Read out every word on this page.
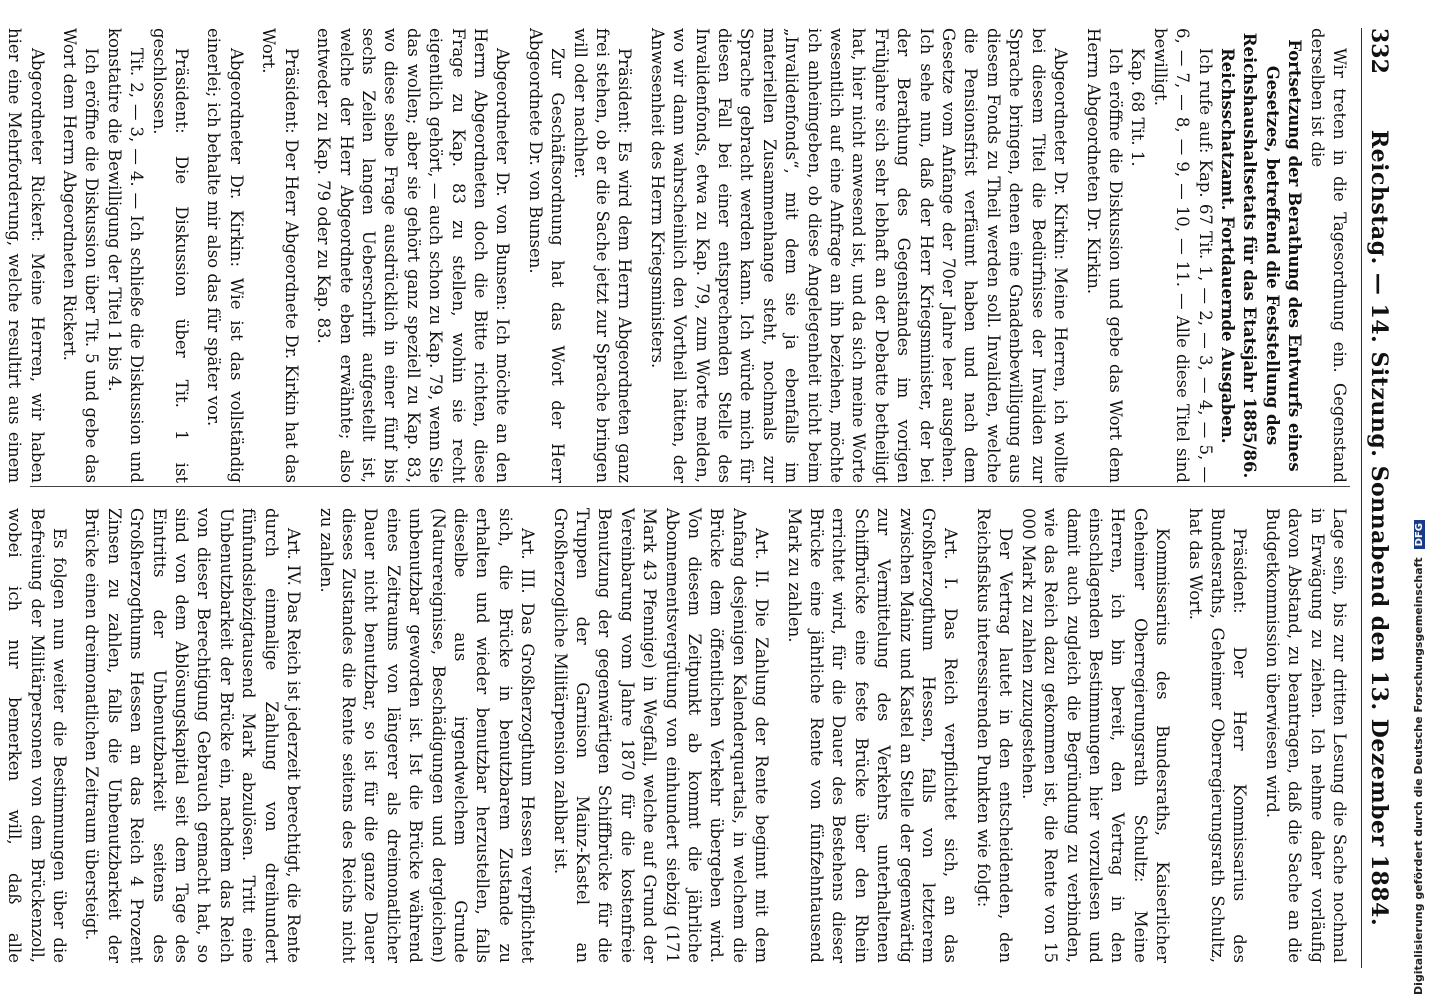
332
Reichstag. — 14. Sitzung. Sonnabend den 13. Dezember 1884.

Wir treten in die Tagesordnung ein. Gegenstand derselben ist die

Fortsetzung der Berathung des Entwurfs eines Gesetzes, betreffend die Feststellung des Reichshaushaltsetats für das Etatsjahr 1885/86.

Reichsschatzamt. Fortdauernde Ausgaben.

Ich rufe auf: Kap. 67 Tit. 1, — 2, — 3, — 4, — 5, — 6, — 7, — 8, — 9, — 10, — 11. — Alle diese Titel sind bewilligt.

Kap. 68 Tit. 1.

Ich eröffne die Diskussion und gebe das Wort dem Herrn Abgeordneten Dr. Kirkin.

Abgeordneter Dr. Kirkin: Meine Herren, ich wollte bei diesem Titel die Bedürfnisse der Invaliden zur Sprache bringen, denen eine Gnadenbewilligung aus diesem Fonds zu Theil werden soll. Invaliden, welche die Pensionsfrist verfäumt haben und nach dem Gesetze vom Anfange der 70er Jahre leer ausgehen. Ich sehe nun, daß der Herr Kriegsminister, der bei der Berathung des Gegenstandes im vorigen Frühjahre sich sehr lebhaft an der Debatte betheiligt hat, hier nicht anwesend ist, und da sich meine Worte wesentlich auf eine Anfrage an ihn beziehen, möchte ich anheimgeben, ob diese Angelegenheit nicht beim „Invalidenfonds“, mit dem sie ja ebenfalls im materiellen Zusammenhange steht, nochmals zur Sprache gebracht werden kann. Ich würde mich für diesen Fall bei einer entsprechenden Stelle des Invalidenfonds, etwa zu Kap. 79, zum Worte melden, wo wir dann wahrscheinlich den Vortheil hätten, der Anwesenheit des Herrn Kriegsministers.

Präsident: Es wird dem Herrn Abgeordneten ganz frei stehen, ob er die Sache jetzt zur Sprache bringen will oder nachher.

Zur Geschäftsordnung hat das Wort der Herr Abgeordnete Dr. von Bunsen.

Abgeordneter Dr. von Bunsen: Ich möchte an den Herrn Abgeordneten doch die Bitte richten, diese Frage zu Kap. 83 zu stellen, wohin sie recht eigentlich gehört, — auch schon zu Kap. 79, wenn Sie das wollen; aber sie gehört ganz speziell zu Kap. 83, wo diese selbe Frage ausdrücklich in einer fünf bis sechs Zeilen langen Ueberschrift aufgestellt ist, welche der Herr Abgeordnete eben erwähnte; also entweder zu Kap. 79 oder zu Kap. 83.

Präsident: Der Herr Abgeordnete Dr. Kirkin hat das Wort.

Abgeordneter Dr. Kirkin: Wie ist das vollständig einerlei; ich behalte mir also das für später vor.

Präsident: Die Diskussion über Tit. 1 ist geschlossen.

Tit. 2, — 3, — 4. — Ich schließe die Diskussion und konstatire die Bewilligung der Titel 1 bis 4.

Ich eröffne die Diskussion über Tit. 5 und gebe das Wort dem Herrn Abgeordneten Rickert.

Abgeordneter Rickert: Meine Herren, wir haben hier eine Mehrforderung, welche resultirt aus einem

Lage sein, bis zur dritten Lesung die Sache nochmal in Erwägung zu ziehen. Ich nehme daher vorläufig davon Abstand, zu beantragen, daß die Sache an die Budgetkommission überwiesen wird.

Präsident: Der Herr Kommissarius des Bundesraths, Geheimer Oberregierungsrath Schultz, hat das Wort.

Kommissarius des Bundesraths, Kaiserlicher Geheimer Oberregierungsrath Schultz: Meine Herren, ich bin bereit, den Vertrag in den einschlagenden Bestimmungen hier vorzulesen und damit auch zugleich die Begründung zu verbinden, wie das Reich dazu gekommen ist, die Rente von 15 000 Mark zu zahlen zuzugestehen.

Der Vertrag lautet in den entscheidenden, den Reichsfiskus interessirenden Punkten wie folgt:

Art. I. Das Reich verpflichtet sich, an das Großherzogthum Hessen, falls von letzterem zwischen Mainz und Kastel an Stelle der gegenwärtig zur Vermittelung des Verkehrs unterhaltenen Schiffbrücke eine feste Brücke über den Rhein errichtet wird, für die Dauer des Bestehens dieser Brücke eine jährliche Rente von fünfzehntausend Mark zu zahlen.

Art. II. Die Zahlung der Rente beginnt mit dem Anfang desjenigen Kalenderquartals, in welchem die Brücke dem öffentlichen Verkehr übergeben wird. Von diesem Zeitpunkt ab kommt die jährliche Abonnementsvergütung von einhundert siebzig (171 Mark 43 Pfennige) in Wegfall, welche auf Grund der Vereinbarung vom Jahre 1870 für die kostenfreie Benutzung der gegenwärtigen Schiffbrücke für die Truppen der Garnison Mainz-Kastel an Großherzogliche Militärpension zahlbar ist.

Art. III. Das Großherzogthum Hessen verpflichtet sich, die Brücke in benutzbarem Zustande zu erhalten und wieder benutzbar herzustellen, falls dieselbe aus irgendwelchem Grunde (Naturereignisse, Beschädigungen und dergleichen) unbenutzbar geworden ist. Ist die Brücke während eines Zeitraums von längerer als dreimonatlicher Dauer nicht benutzbar, so ist für die ganze Dauer dieses Zustandes die Rente seitens des Reichs nicht zu zahlen.

Art. IV. Das Reich ist jederzeit berechtigt, die Rente durch einmalige Zahlung von dreihundert fünfundsiebzigtausend Mark abzulösen. Tritt eine Unbenutzbarkeit der Brücke ein, nachdem das Reich von dieser Berechtigung Gebrauch gemacht hat, so sind von dem Ablösungskapital seit dem Tage des Eintritts der Unbenutzbarkeit seitens des Großherzogthums Hessen an das Reich 4 Prozent Zinsen zu zahlen, falls die Unbenutzbarkeit der Brücke einen dreimonatlichen Zeitraum übersteigt.

Es folgen nun weiter die Bestimmungen über die Befreiung der Militärpersonen von dem Brückenzoll, wobei ich nur bemerken will, daß alle	Digitalisierung gefördert durch die Deutsche ForschungsgemeinschaftDFG
